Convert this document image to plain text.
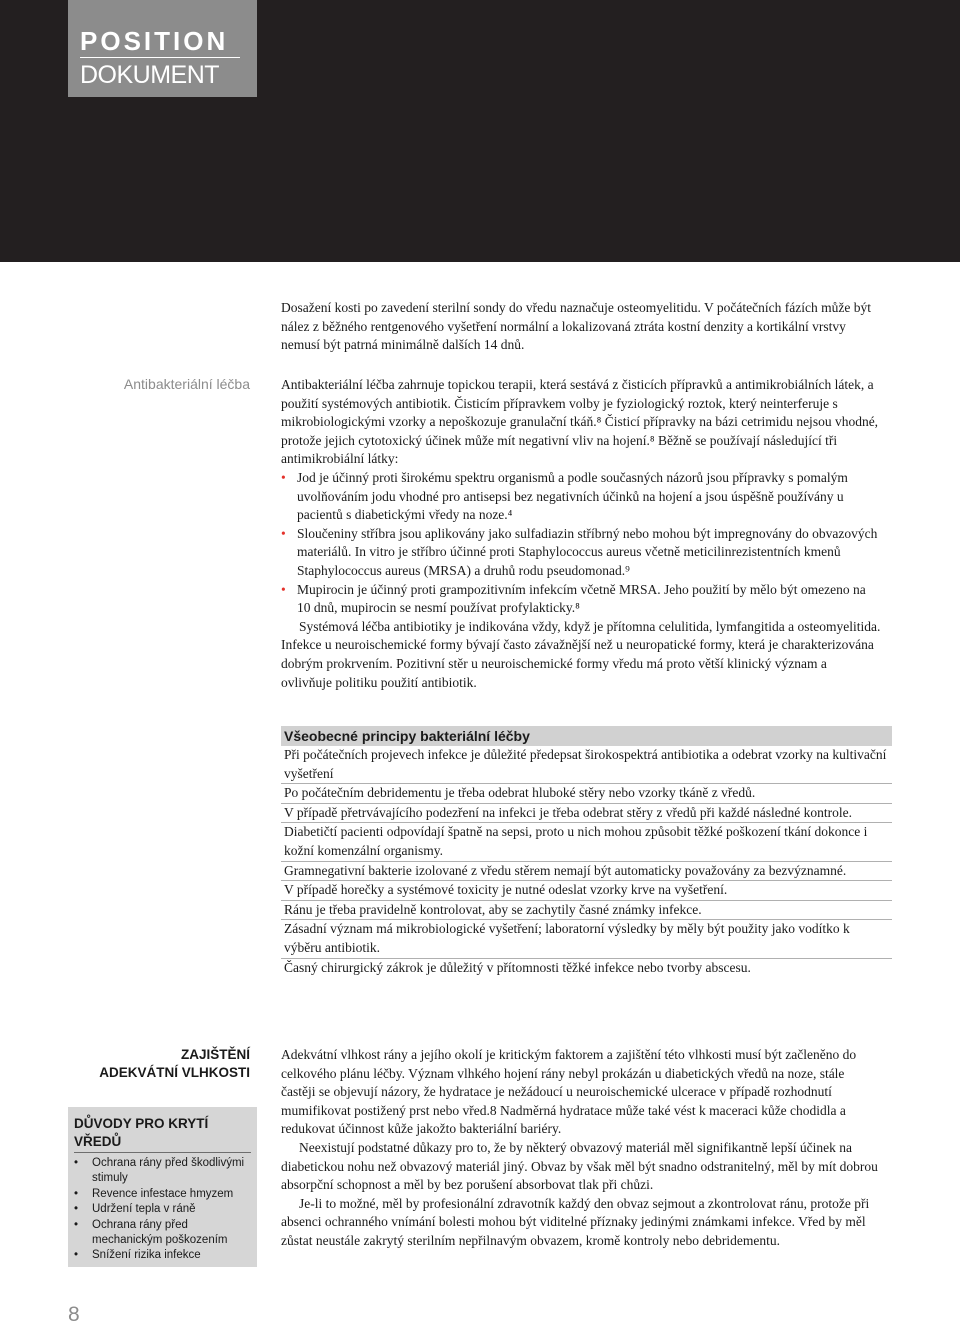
POSITION
DOKUMENT

Dosažení kosti po zavedení sterilní sondy do vředu naznačuje osteomyelitidu. V počátečních fázích může být nález z běžného rentgenového vyšetření normální a lokalizovaná ztráta kostní denzity a kortikální vrstvy nemusí být patrná minimálně dalších 14 dnů.

Antibakteriální léčba Antibakteriální léčba zahrnuje topickou terapii, která sestává z čisticích přípravků a antimikrobiálních látek, a použití systémových antibiotik. Čisticím přípravkem volby je fyziologický roztok, který neinterferuje s mikrobiologickými vzorky a nepoškozuje granulační tkáň.⁸ Čisticí přípravky na bázi cetrimidu nejsou vhodné, protože jejich cytotoxický účinek může mít negativní vliv na hojení.⁸ Běžně se používají následující tři antimikrobiální látky:

• Jod je účinný proti širokému spektru organismů a podle současných názorů jsou přípravky s pomalým uvolňováním jodu vhodné pro antisepsi bez negativních účinků na hojení a jsou úspěšně používány u pacientů s diabetickými vředy na noze.⁴
• Sloučeniny stříbra jsou aplikovány jako sulfadiazin stříbrný nebo mohou být impregnovány do obvazových materiálů. In vitro je stříbro účinné proti Staphylococcus aureus včetně meticilinrezistentních kmenů Staphylococcus aureus (MRSA) a druhů rodu pseudomonad.⁹
• Mupirocin je účinný proti grampozitivním infekcím včetně MRSA. Jeho použití by mělo být omezeno na 10 dnů, mupirocin se nesmí používat profylakticky.⁸

Systémová léčba antibiotiky je indikována vždy, když je přítomna celulitida, lymfangitida a osteomyelitida. Infekce u neuroischemické formy bývají často závažnější než u neuropatické formy, která je charakterizována dobrým prokrvením. Pozitivní stěr u neuroischemické formy vředu má proto větší klinický význam a ovlivňuje politiku použití antibiotik.

Všeobecné principy bakteriální léčby
Při počátečních projevech infekce je důležité předepsat širokospektrá antibiotika a odebrat vzorky na kultivační vyšetření
Po počátečním debridementu je třeba odebrat hluboké stěry nebo vzorky tkáně z vředů.
V případě přetrvávajícího podezření na infekci je třeba odebrat stěry z vředů při každé následné kontrole.
Diabetičtí pacienti odpovídají špatně na sepsi, proto u nich mohou způsobit těžké poškození tkání dokonce i kožní komenzální organismy.
Gramnegativní bakterie izolované z vředu stěrem nemají být automaticky považovány za bezvýznamné.
V případě horečky a systémové toxicity je nutné odeslat vzorky krve na vyšetření.
Ránu je třeba pravidelně kontrolovat, aby se zachytily časné známky infekce.
Zásadní význam má mikrobiologické vyšetření; laboratorní výsledky by měly být použity jako vodítko k výběru antibiotik.
Časný chirurgický zákrok je důležitý v přítomnosti těžké infekce nebo tvorby abscesu.
ZAJIŠTĚNÍ
ADEKVÁTNÍ VLHKOSTI

Adekvátní vlhkost rány a jejího okolí je kritickým faktorem a zajištění této vlhkosti musí být začleněno do celkového plánu léčby. Význam vlhkého hojení rány nebyl prokázán u diabetických vředů na noze, stále častěji se objevují názory, že hydratace je nežádoucí u neuroischemické ulcerace v případě rozhodnutí mumifikovat postižený prst nebo vřed.8 Nadměrná hydratace může také vést k maceraci kůže chodidla a redukovat účinnost kůže jakožto bakteriální bariéry.

Neexistují podstatné důkazy pro to, že by některý obvazový materiál měl signifikantně lepší účinek na diabetickou nohu než obvazový materiál jiný. Obvaz by však měl být snadno odstranitelný, měl by mít dobrou absorpční schopnost a měl by bez porušení absorbovat tlak při chůzi.

Je-li to možné, měl by profesionální zdravotník každý den obvaz sejmout a zkontrolovat ránu, protože při absenci ochranného vnímání bolesti mohou být viditelné příznaky jedinými známkami infekce. Vřed by měl zůstat neustále zakrytý sterilním nepřilnavým obvazem, kromě kontroly nebo debridementu.

DŮVODY PRO KRYTÍ VŘEDŮ
• Ochrana rány před škodlivými stimuly
• Revence infestace hmyzem
• Udržení tepla v ráně
• Ochrana rány před mechanickým poškozením
• Snížení rizika infekce
8
